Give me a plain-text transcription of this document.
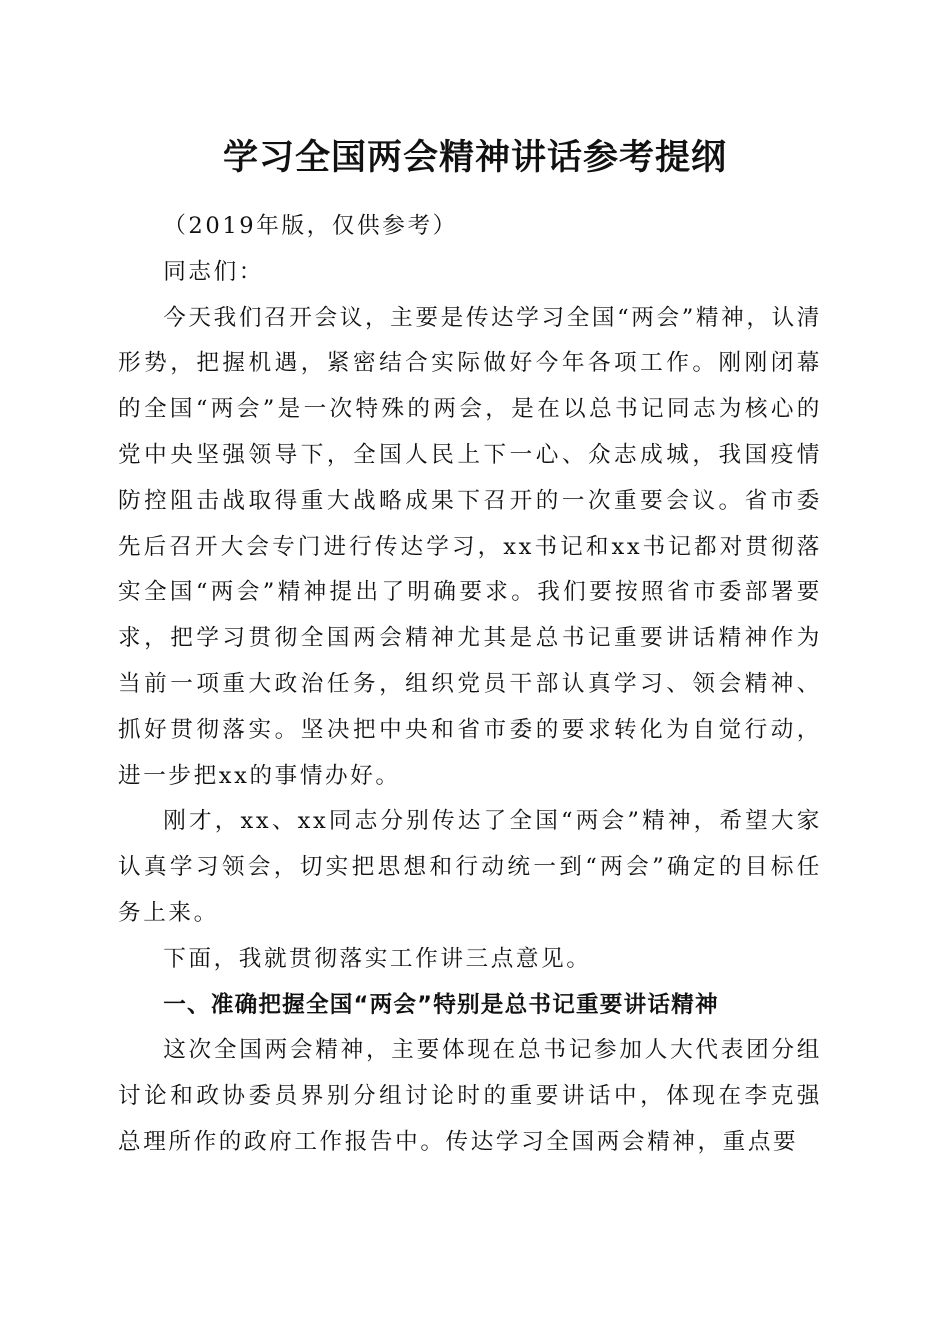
学习全国两会精神讲话参考提纲

（2019年版，仅供参考）

同志们：

今天我们召开会议，主要是传达学习全国“两会”精神，认清形势，把握机遇，紧密结合实际做好今年各项工作。刚刚闭幕的全国“两会”是一次特殊的两会，是在以总书记同志为核心的党中央坚强领导下，全国人民上下一心、众志成城，我国疫情防控阻击战取得重大战略成果下召开的一次重要会议。省市委先后召开大会专门进行传达学习，xx书记和xx书记都对贯彻落实全国“两会”精神提出了明确要求。我们要按照省市委部署要求，把学习贯彻全国两会精神尤其是总书记重要讲话精神作为当前一项重大政治任务，组织党员干部认真学习、领会精神、抓好贯彻落实。坚决把中央和省市委的要求转化为自觉行动，进一步把xx的事情办好。

刚才，xx、xx同志分别传达了全国“两会”精神，希望大家认真学习领会，切实把思想和行动统一到“两会”确定的目标任务上来。

下面，我就贯彻落实工作讲三点意见。

一、准确把握全国“两会”特别是总书记重要讲话精神

这次全国两会精神，主要体现在总书记参加人大代表团分组讨论和政协委员界别分组讨论时的重要讲话中，体现在李克强总理所作的政府工作报告中。传达学习全国两会精神，重点要
